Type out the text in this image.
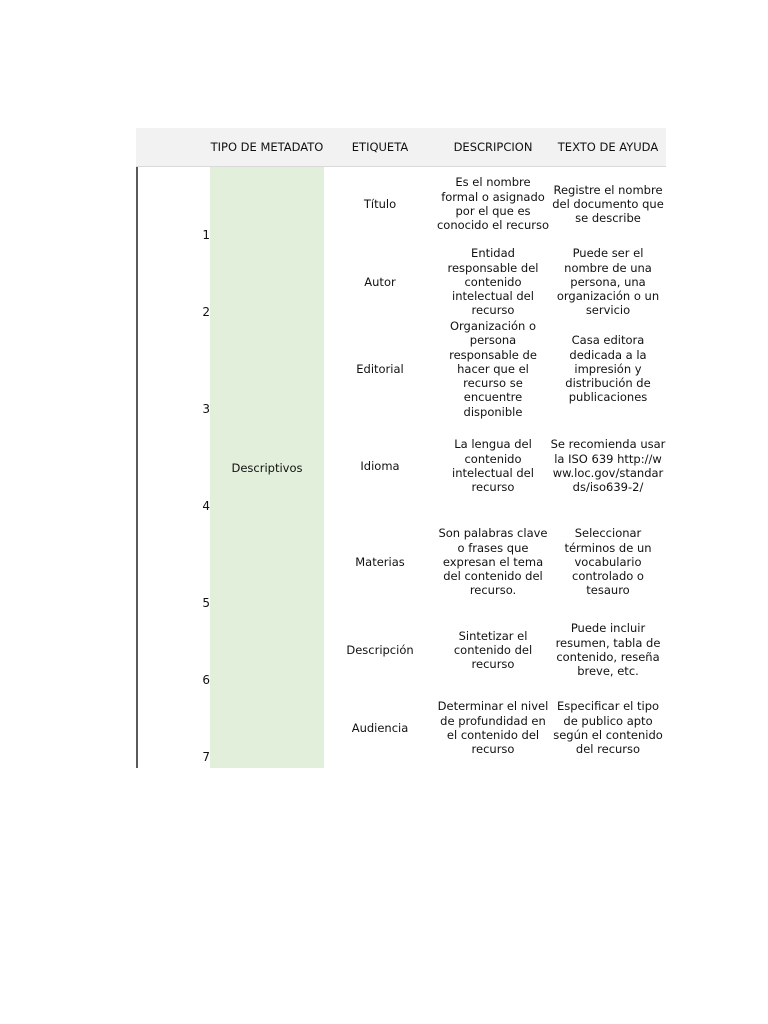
TIPO DE METADATO	ETIQUETA	DESCRIPCION	TEXTO DE AYUDA
Descriptivos
1
Título
Es el nombre formal o asignado por el que es conocido el recurso
Registre el nombre del documento que se describe
2
Autor
Entidad responsable del contenido intelectual del recurso
Puede ser el nombre de una persona, una organización o un servicio
3
Editorial
Organización o persona responsable de hacer que el recurso se encuentre disponible
Casa editora dedicada a la impresión y distribución de publicaciones
4
Idioma
La lengua del contenido intelectual del recurso
Se recomienda usar la ISO 639 http://www.loc.gov/standards/iso639-2/
5
Materias
Son palabras clave o frases que expresan el tema del contenido del recurso.
Seleccionar términos de un vocabulario controlado o tesauro
6
Descripción
Sintetizar el contenido del recurso
Puede incluir resumen, tabla de contenido, reseña breve, etc.
7
Audiencia
Determinar el nivel de profundidad en el contenido del recurso
Especificar el tipo de publico apto según el contenido del recurso
